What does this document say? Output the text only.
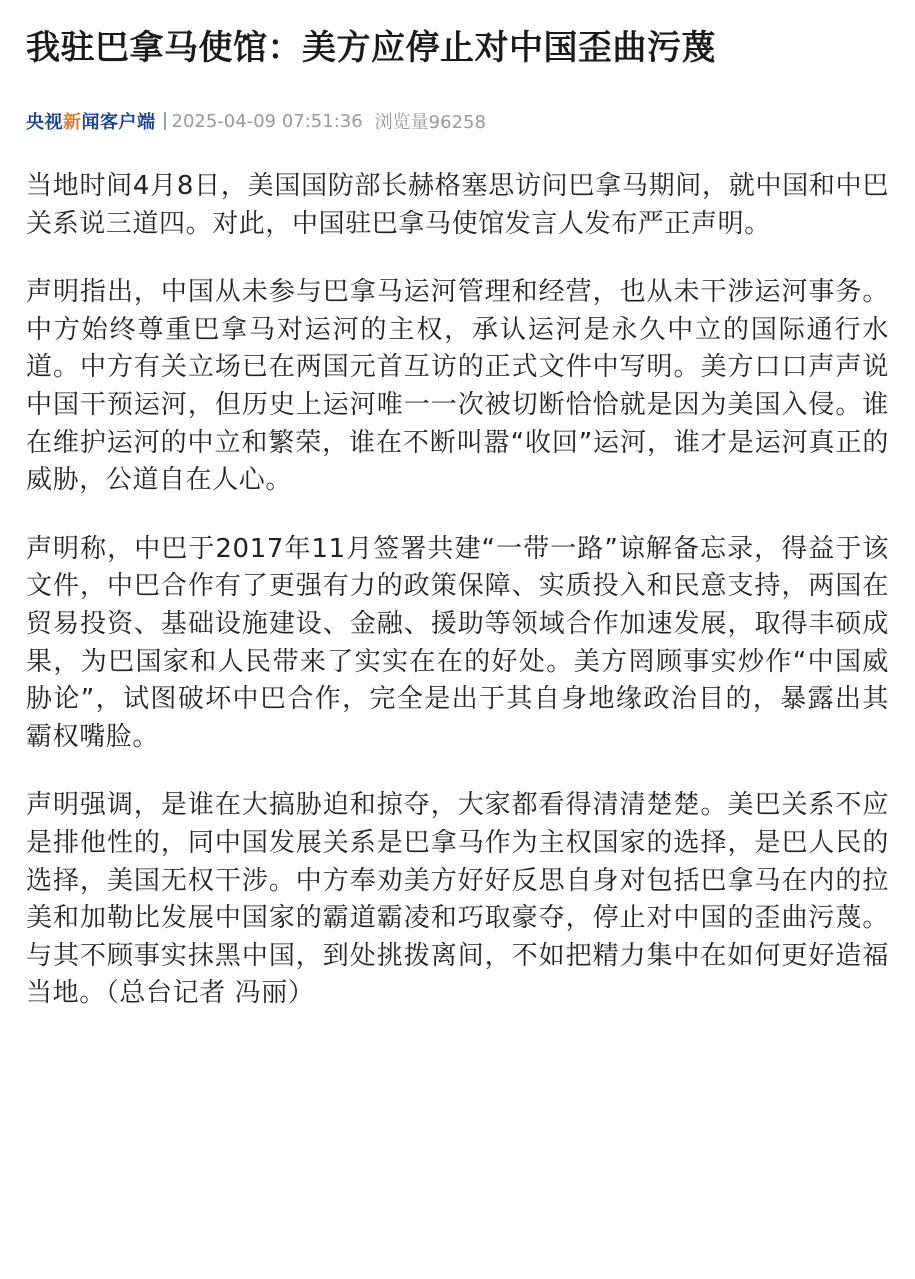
我驻巴拿马使馆：美方应停止对中国歪曲污蔑
央视新闻客户端 2025-04-09 07:51:36 浏览量96258

当地时间4月8日，美国国防部长赫格塞思访问巴拿马期间，就中国和中巴关系说三道四。对此，中国驻巴拿马使馆发言人发布严正声明。

声明指出，中国从未参与巴拿马运河管理和经营，也从未干涉运河事务。中方始终尊重巴拿马对运河的主权，承认运河是永久中立的国际通行水道。中方有关立场已在两国元首互访的正式文件中写明。美方口口声声说中国干预运河，但历史上运河唯一一次被切断恰恰就是因为美国入侵。谁在维护运河的中立和繁荣，谁在不断叫嚣“收回”运河，谁才是运河真正的威胁，公道自在人心。

声明称，中巴于2017年11月签署共建“一带一路”谅解备忘录，得益于该文件，中巴合作有了更强有力的政策保障、实质投入和民意支持，两国在贸易投资、基础设施建设、金融、援助等领域合作加速发展，取得丰硕成果，为巴国家和人民带来了实实在在的好处。美方罔顾事实炒作“中国威胁论”，试图破坏中巴合作，完全是出于其自身地缘政治目的，暴露出其霸权嘴脸。

声明强调，是谁在大搞胁迫和掠夺，大家都看得清清楚楚。美巴关系不应是排他性的，同中国发展关系是巴拿马作为主权国家的选择，是巴人民的选择，美国无权干涉。中方奉劝美方好好反思自身对包括巴拿马在内的拉美和加勒比发展中国家的霸道霸凌和巧取豪夺，停止对中国的歪曲污蔑。与其不顾事实抹黑中国，到处挑拨离间，不如把精力集中在如何更好造福当地。（总台记者 冯丽）
